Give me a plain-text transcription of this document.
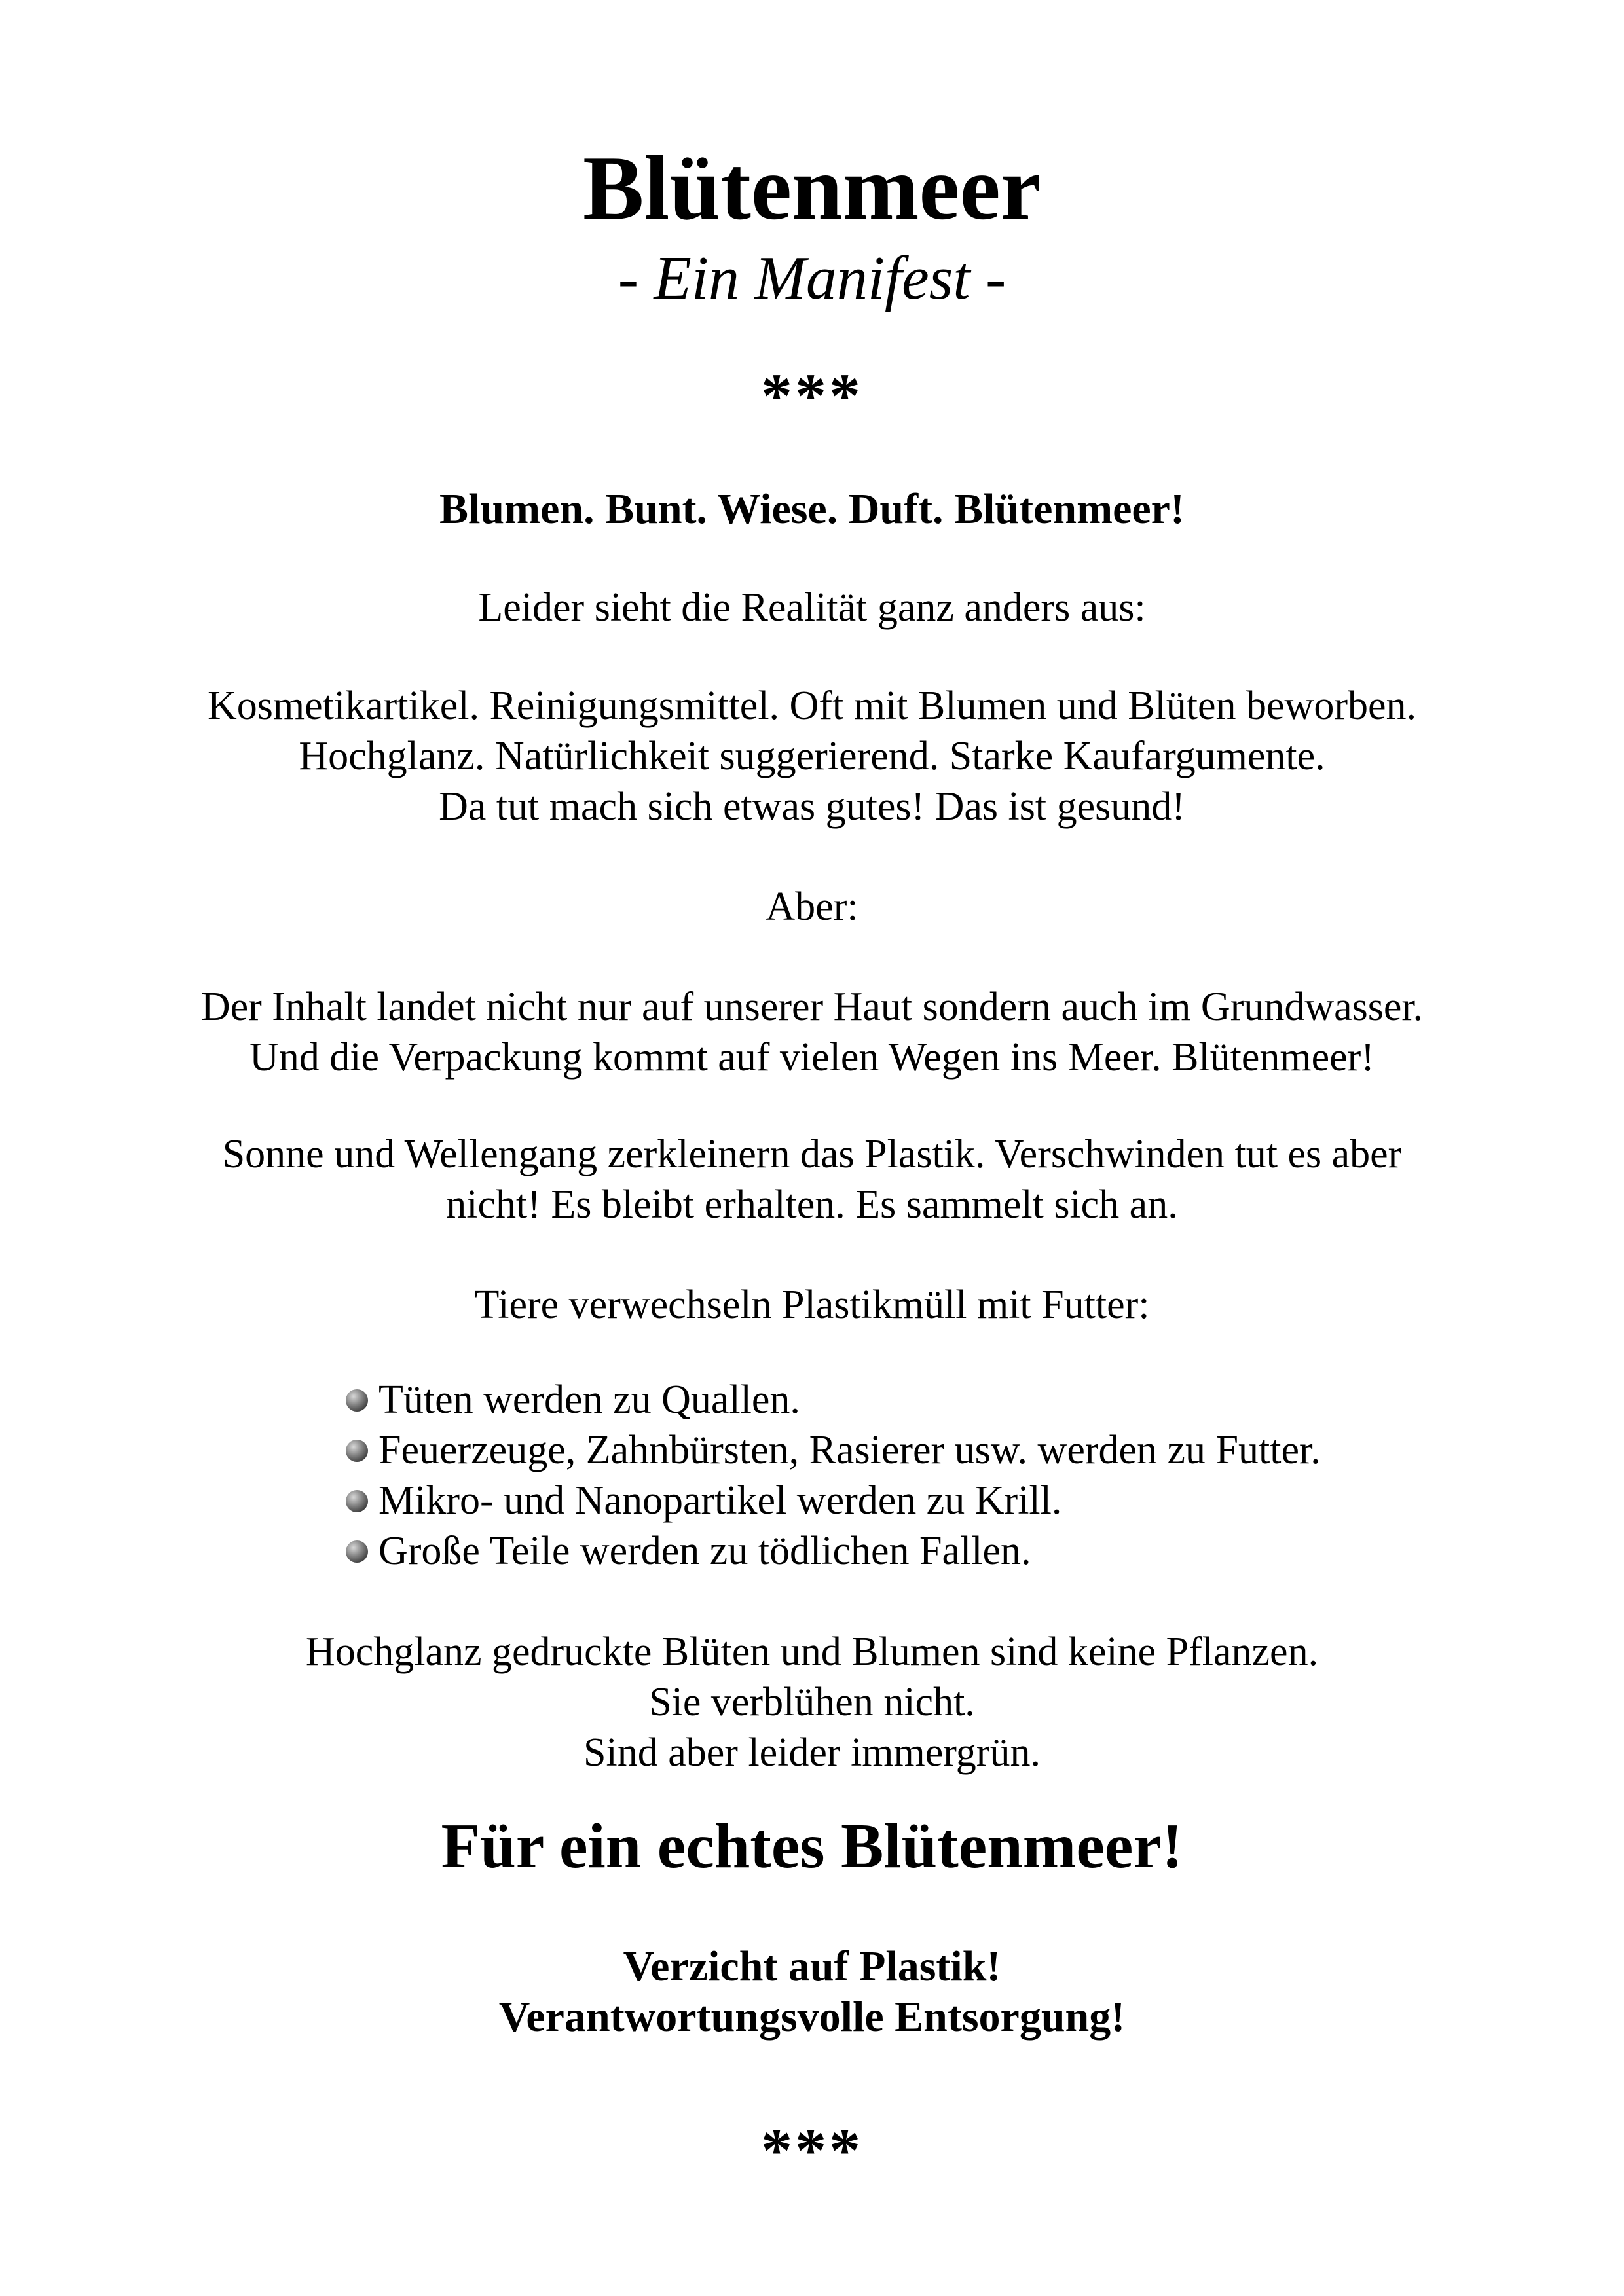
Blütenmeer
- Ein Manifest -
***
Blumen. Bunt. Wiese. Duft. Blütenmeer!
Leider sieht die Realität ganz anders aus:
Kosmetikartikel. Reinigungsmittel. Oft mit Blumen und Blüten beworben.
Hochglanz. Natürlichkeit suggerierend. Starke Kaufargumente.
Da tut mach sich etwas gutes! Das ist gesund!
Aber:
Der Inhalt landet nicht nur auf unserer Haut sondern auch im Grundwasser.
Und die Verpackung kommt auf vielen Wegen ins Meer. Blütenmeer!
Sonne und Wellengang zerkleinern das Plastik. Verschwinden tut es aber
nicht! Es bleibt erhalten. Es sammelt sich an.
Tiere verwechseln Plastikmüll mit Futter:
Tüten werden zu Quallen.
Feuerzeuge, Zahnbürsten, Rasierer usw. werden zu Futter.
Mikro- und Nanopartikel werden zu Krill.
Große Teile werden zu tödlichen Fallen.
Hochglanz gedruckte Blüten und Blumen sind keine Pflanzen.
Sie verblühen nicht.
Sind aber leider immergrün.
Für ein echtes Blütenmeer!
Verzicht auf Plastik!
Verantwortungsvolle Entsorgung!
***
